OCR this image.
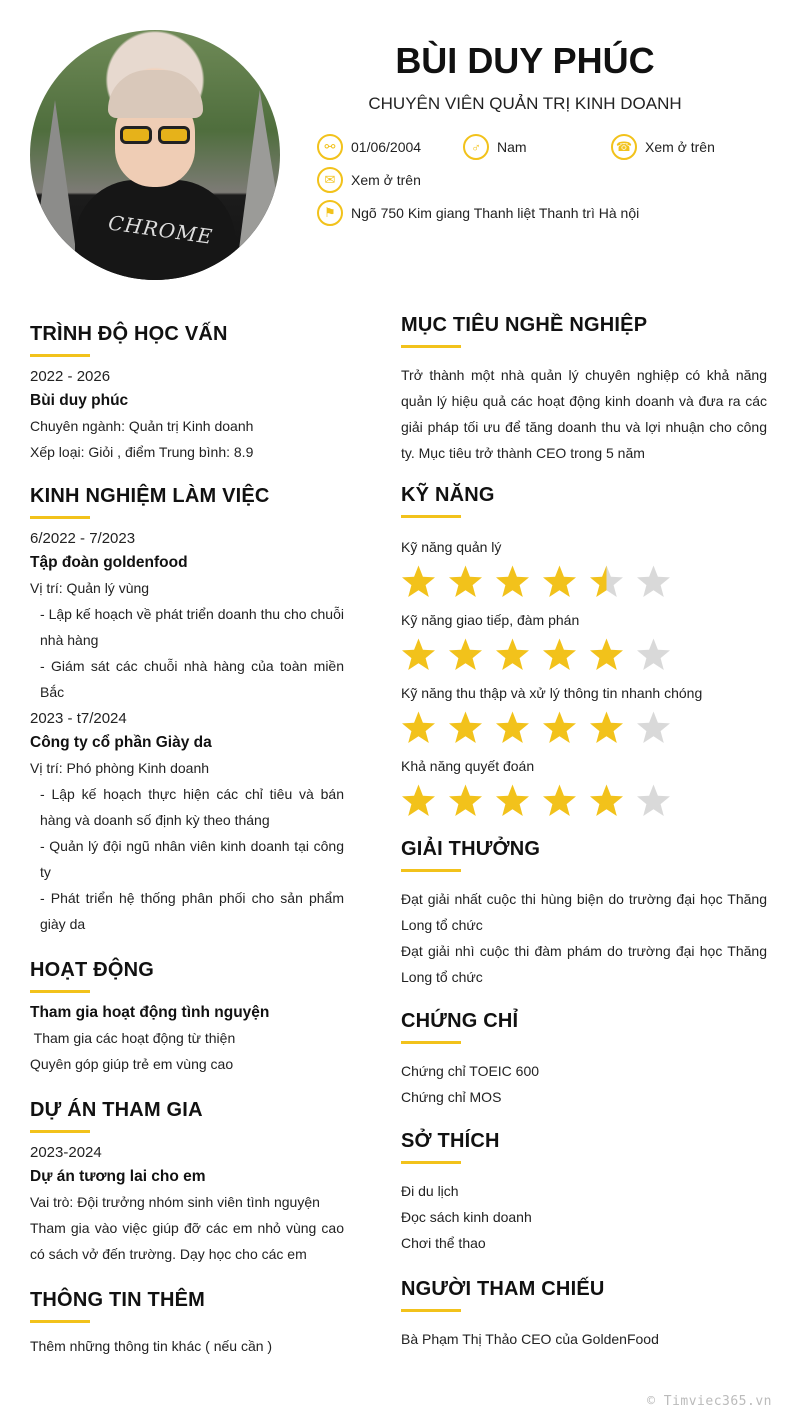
CHROME
BÙI DUY PHÚC
CHUYÊN VIÊN QUẢN TRỊ KINH DOANH
⚯	01/06/2004	♂	Nam	☎ Xem ở trên
✉	Xem ở trên
⚑	Ngõ 750 Kim giang Thanh liệt Thanh trì Hà nội
TRÌNH ĐỘ HỌC VẤN
2022 - 2026
Bùi duy phúc
Chuyên ngành: Quản trị Kinh doanh
Xếp loại: Giỏi , điểm Trung bình: 8.9
KINH NGHIỆM LÀM VIỆC
6/2022 - 7/2023
Tập đoàn goldenfood
Vị trí: Quản lý vùng
- Lập kế hoạch về phát triển doanh thu cho chuỗi nhà hàng
- Giám sát các chuỗi nhà hàng của toàn miền Bắc
2023 - t7/2024
Công ty cổ phần Giày da
Vị trí: Phó phòng Kinh doanh
- Lập kế hoạch thực hiện các chỉ tiêu và bán hàng và doanh số định kỳ theo tháng
- Quản lý đội ngũ nhân viên kinh doanh tại công ty
- Phát triển hệ thống phân phối cho sản phẩm giày da
HOẠT ĐỘNG
Tham gia hoạt động tình nguyện
Tham gia các hoạt động từ thiện
Quyên góp giúp trẻ em vùng cao
DỰ ÁN THAM GIA
2023-2024
Dự án tương lai cho em
Vai trò: Đội trưởng nhóm sinh viên tình nguyện
Tham gia vào việc giúp đỡ các em nhỏ vùng cao có sách vở đến trường. Dạy học cho các em
THÔNG TIN THÊM
Thêm những thông tin khác ( nếu cần )
MỤC TIÊU NGHỀ NGHIỆP
Trở thành một nhà quản lý chuyên nghiệp có khả năng quản lý hiệu quả các hoạt động kinh doanh và đưa ra các giải pháp tối ưu để tăng doanh thu và lợi nhuận cho công ty. Mục tiêu trở thành CEO trong 5 năm
KỸ NĂNG
Kỹ năng quản lý
Kỹ năng giao tiếp, đàm phán
Kỹ năng thu thập và xử lý thông tin nhanh chóng
Khả năng quyết đoán
GIẢI THƯỞNG
Đạt giải nhất cuộc thi hùng biện do trường đại học Thăng Long tổ chức
Đạt giải nhì cuộc thi đàm phám do trường đại học Thăng Long tổ chức
CHỨNG CHỈ
Chứng chỉ TOEIC 600
Chứng chỉ MOS
SỞ THÍCH
Đi du lịch
Đọc sách kinh doanh
Chơi thể thao
NGƯỜI THAM CHIẾU
Bà Phạm Thị Thảo CEO của GoldenFood
© Timviec365.vn
